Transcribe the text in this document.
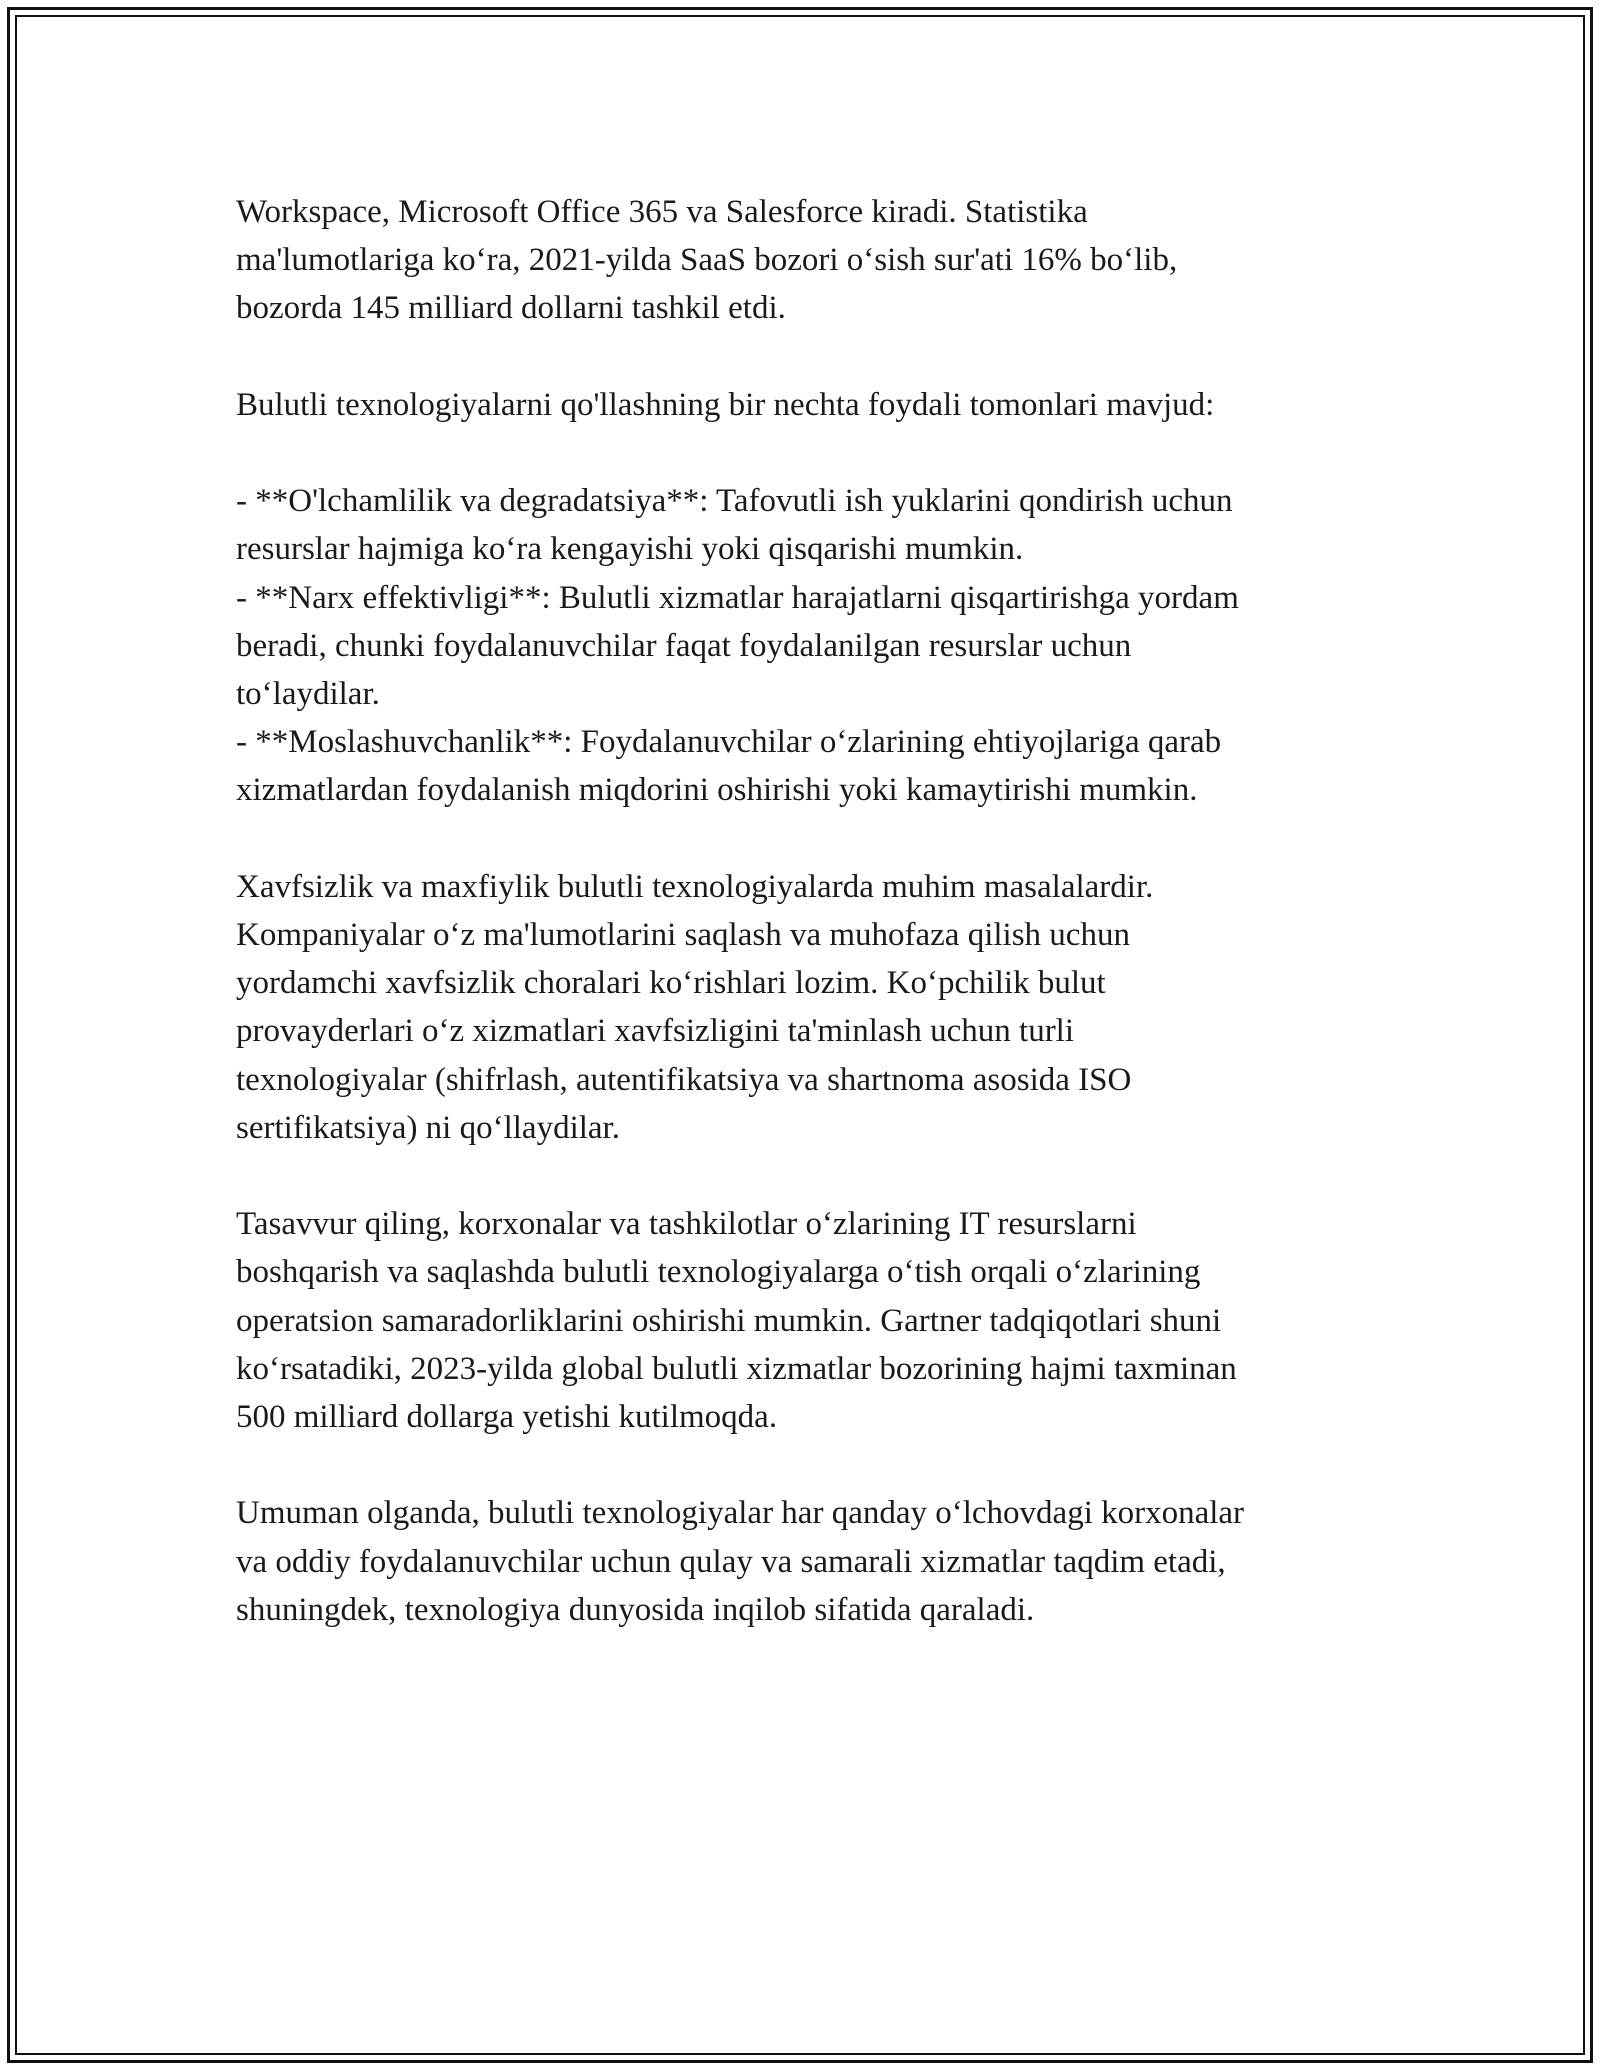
Workspace, Microsoft Office 365 va Salesforce kiradi. Statistika
ma'lumotlariga ko‘ra, 2021-yilda SaaS bozori o‘sish sur'ati 16% bo‘lib,
bozorda 145 milliard dollarni tashkil etdi.
Bulutli texnologiyalarni qo'llashning bir nechta foydali tomonlari mavjud:
- **O'lchamlilik va degradatsiya**: Tafovutli ish yuklarini qondirish uchun
resurslar hajmiga ko‘ra kengayishi yoki qisqarishi mumkin.
- **Narx effektivligi**: Bulutli xizmatlar harajatlarni qisqartirishga yordam
beradi, chunki foydalanuvchilar faqat foydalanilgan resurslar uchun
to‘laydilar.
- **Moslashuvchanlik**: Foydalanuvchilar o‘zlarining ehtiyojlariga qarab
xizmatlardan foydalanish miqdorini oshirishi yoki kamaytirishi mumkin.
Xavfsizlik va maxfiylik bulutli texnologiyalarda muhim masalalardir.
Kompaniyalar o‘z ma'lumotlarini saqlash va muhofaza qilish uchun
yordamchi xavfsizlik choralari ko‘rishlari lozim. Ko‘pchilik bulut
provayderlari o‘z xizmatlari xavfsizligini ta'minlash uchun turli
texnologiyalar (shifrlash, autentifikatsiya va shartnoma asosida ISO
sertifikatsiya) ni qo‘llaydilar.
Tasavvur qiling, korxonalar va tashkilotlar o‘zlarining IT resurslarni
boshqarish va saqlashda bulutli texnologiyalarga o‘tish orqali o‘zlarining
operatsion samaradorliklarini oshirishi mumkin. Gartner tadqiqotlari shuni
ko‘rsatadiki, 2023-yilda global bulutli xizmatlar bozorining hajmi taxminan
500 milliard dollarga yetishi kutilmoqda.
Umuman olganda, bulutli texnologiyalar har qanday o‘lchovdagi korxonalar
va oddiy foydalanuvchilar uchun qulay va samarali xizmatlar taqdim etadi,
shuningdek, texnologiya dunyosida inqilob sifatida qaraladi.
